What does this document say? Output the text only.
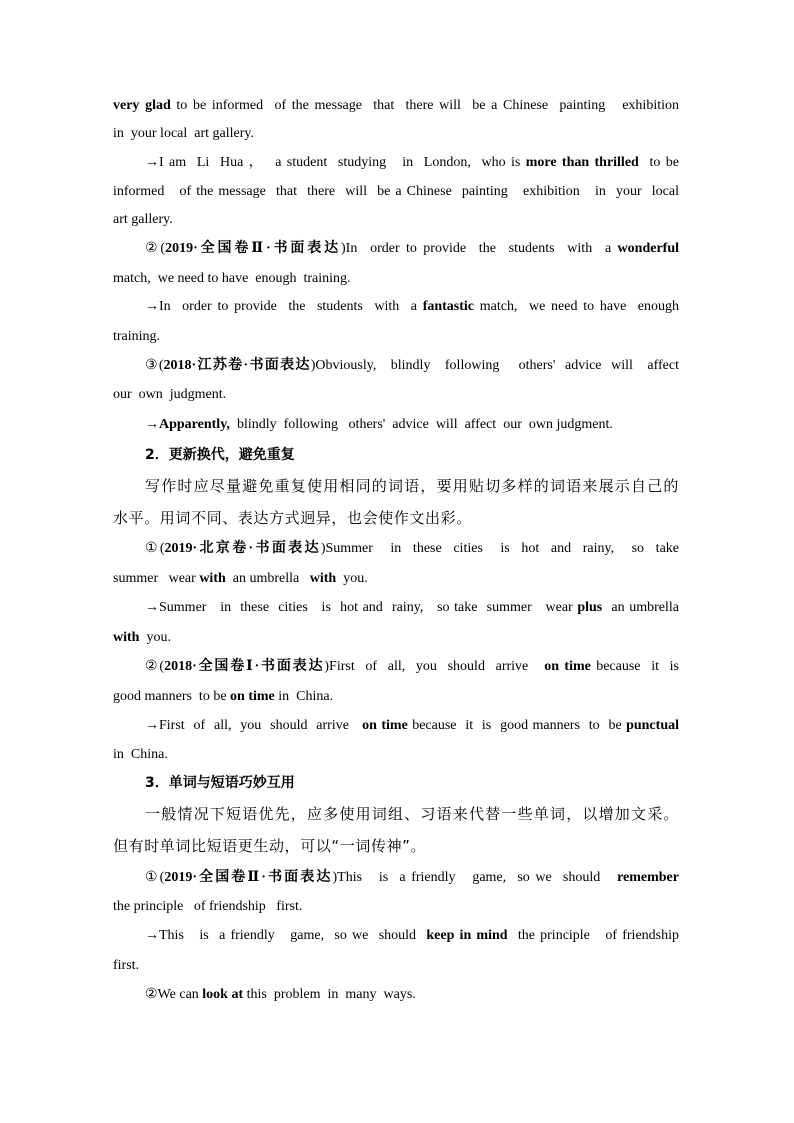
very glad to be informed  of the message  that  there will  be a Chinese  painting   exhibition
in  your local  art gallery.
→I am  Li  Hua ，  a student  studying   in  London,  who is more than thrilled  to be
informed   of the message  that  there  will  be a Chinese  painting   exhibition   in  your  local
art gallery.
②(2019·全国卷Ⅱ·书面表达)In  order to provide  the  students  with  a wonderful
match,  we need to have  enough  training.
→In  order to provide  the  students  with  a fantastic match,  we need to have  enough
training.
③(2018·江苏卷·书面表达)Obviously,   blindly   following    others'  advice  will   affect
our  own  judgment.
→Apparently,  blindly  following   others'  advice  will  affect  our  own judgment.
2．更新换代，避免重复
写作时应尽量避免重复使用相同的词语，要用贴切多样的词语来展示自己的
水平。用词不同、表达方式迥异，也会使作文出彩。
①(2019·北京卷·书面表达)Summer   in  these  cities   is  hot  and  rainy,   so  take
summer   wear with  an umbrella   with  you.
→Summer   in  these  cities   is  hot and  rainy,   so take  summer   wear plus  an umbrella
with  you.
②(2018·全国卷Ⅰ·书面表达)First  of  all,  you  should  arrive   on time because  it  is
good manners  to be on time in  China.
→First  of  all,  you  should  arrive   on time because  it  is  good manners  to  be punctual
in  China.
3．单词与短语巧妙互用
一般情况下短语优先，应多使用词组、习语来代替一些单词，以增加文采。
但有时单词比短语更生动，可以“一词传神”。
①(2019·全国卷Ⅱ·书面表达)This   is  a friendly   game,  so we  should   remember
the principle   of friendship   first.
→This   is  a friendly   game,  so we  should  keep in mind  the principle   of friendship
first.
②We can look at this  problem  in  many  ways.
